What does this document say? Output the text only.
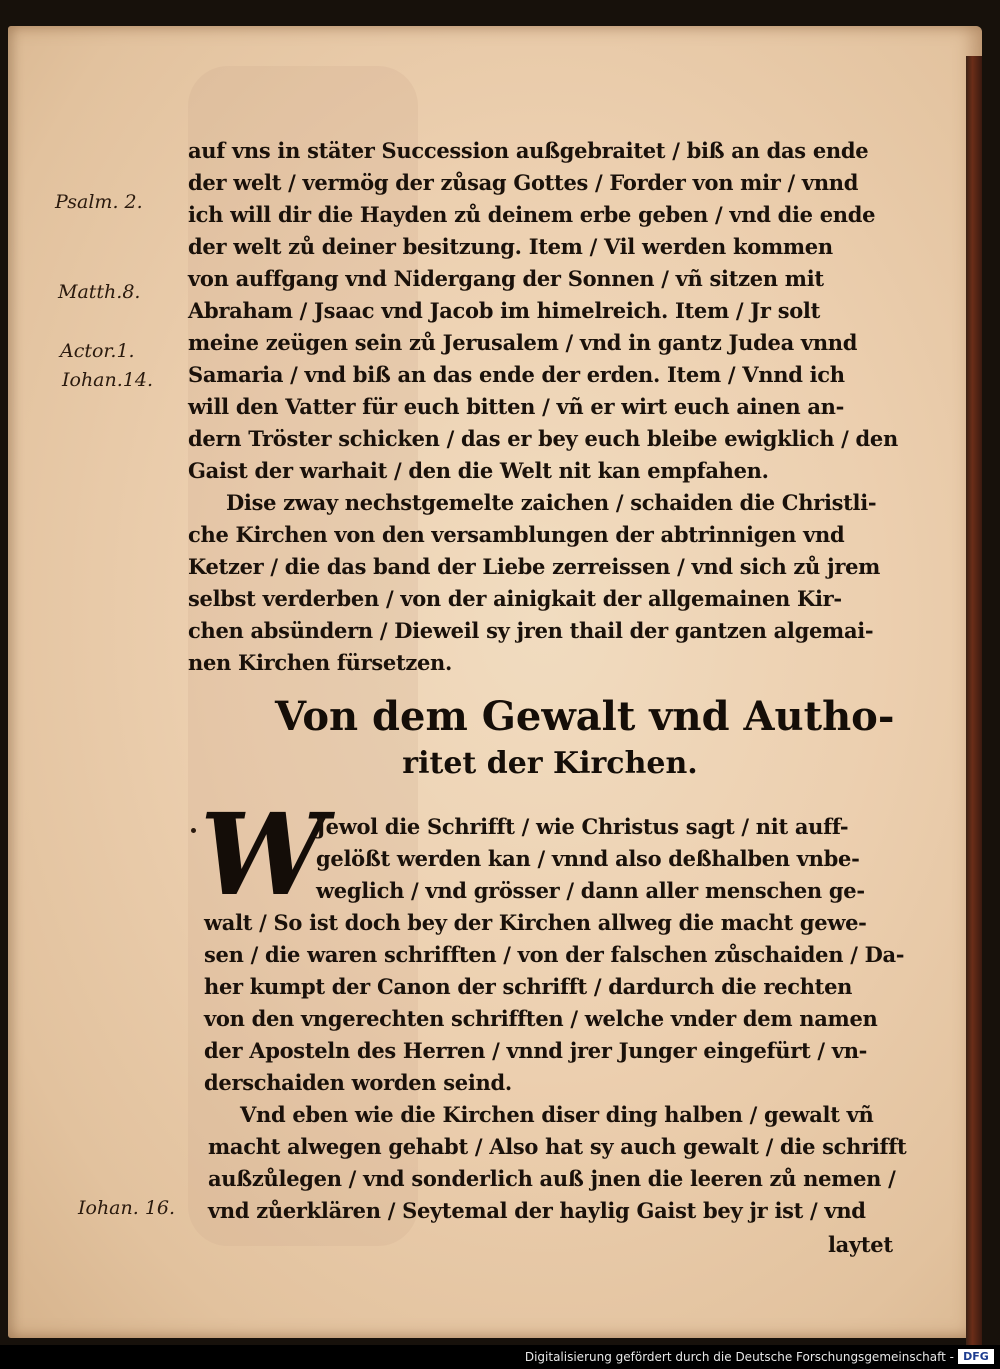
Psalm. 2.
Matth.8.
Actor.1.
Iohan.14.
Iohan. 16.
auf vns in stäter Succession außgebraitet / biß an das ende
der welt / vermög der zůsag Gottes / Forder von mir / vnnd
ich will dir die Hayden zů deinem erbe geben / vnd die ende
der welt zů deiner besitzung. Item / Vil werden kommen
von auffgang vnd Nidergang der Sonnen / vñ sitzen mit
Abraham / Jsaac vnd Jacob im himelreich. Item / Jr solt
meine zeügen sein zů Jerusalem / vnd in gantz Judea vnnd
Samaria / vnd biß an das ende der erden. Item / Vnnd ich
will den Vatter für euch bitten / vñ er wirt euch ainen an-
dern Tröster schicken / das er bey euch bleibe ewigklich / den
Gaist der warhait / den die Welt nit kan empfahen.
Dise zway nechstgemelte zaichen / schaiden die Christli-
che Kirchen von den versamblungen der abtrinnigen vnd
Ketzer / die das band der Liebe zerreissen / vnd sich zů jrem
selbst verderben / von der ainigkait der allgemainen Kir-
chen absündern / Dieweil sy jren thail der gantzen algemai-
nen Kirchen fürsetzen.
Von dem Gewalt vnd Autho-
ritet der Kirchen.
W
Jewol die Schrifft / wie Christus sagt / nit auff-
gelößt werden kan / vnnd also deßhalben vnbe-
weglich / vnd grösser / dann aller menschen ge-
walt / So ist doch bey der Kirchen allweg die macht gewe-
sen / die waren schrifften / von der falschen zůschaiden / Da-
her kumpt der Canon der schrifft / dardurch die rechten
von den vngerechten schrifften / welche vnder dem namen
der Aposteln des Herren / vnnd jrer Junger eingefürt / vn-
derschaiden worden seind.
Vnd eben wie die Kirchen diser ding halben / gewalt vñ
macht alwegen gehabt / Also hat sy auch gewalt / die schrifft
außzůlegen / vnd sonderlich auß jnen die leeren zů nemen /
vnd zůerklären / Seytemal der haylig Gaist bey jr ist / vnd
laytet
Digitalisierung gefördert durch die Deutsche Forschungsgemeinschaft - DFG
